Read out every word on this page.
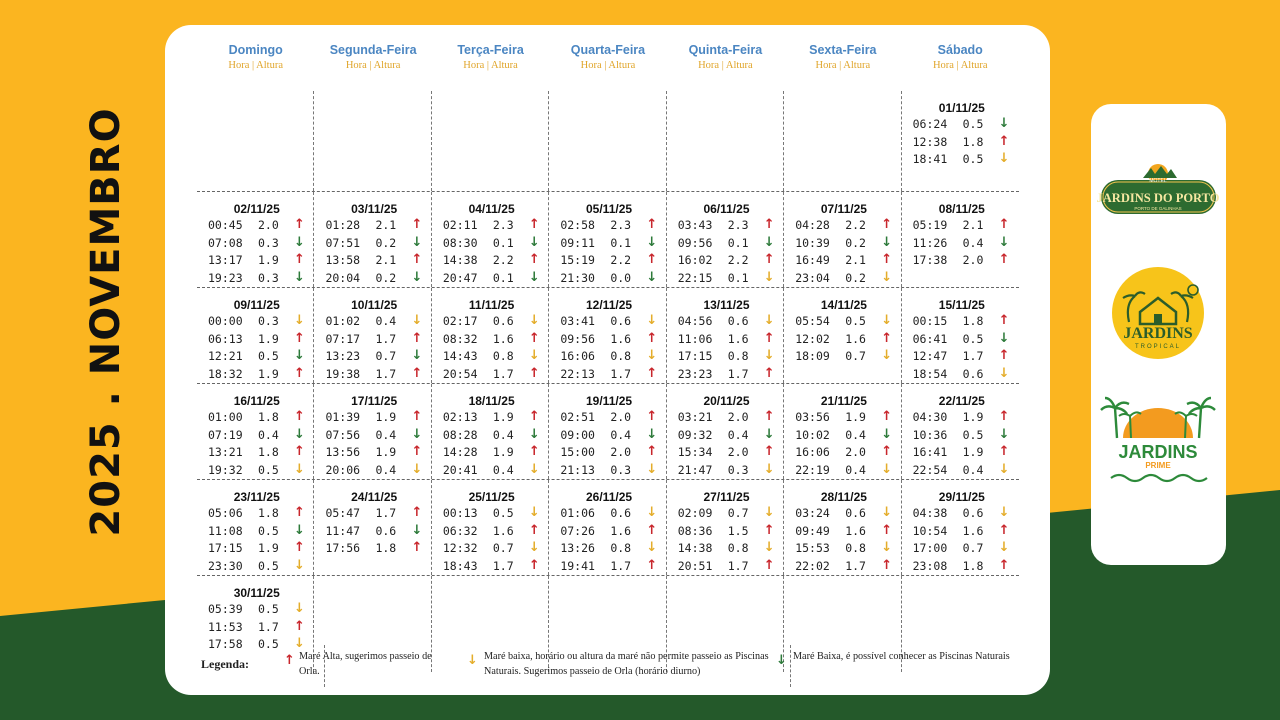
2025 . NOVEMBRO
Domingo
Hora | Altura
Segunda-Feira
Hora | Altura
Terça-Feira
Hora | Altura
Quarta-Feira
Hora | Altura
Quinta-Feira
Hora | Altura
Sexta-Feira
Hora | Altura
Sábado
Hora | Altura
01/11/25
06:24 0.5 ↓
12:38 1.8 ↑
18:41 0.5 ↓
02/11/25
00:45 2.0 ↑
07:08 0.3 ↓
13:17 1.9 ↑
19:23 0.3 ↓
03/11/25
01:28 2.1 ↑
07:51 0.2 ↓
13:58 2.1 ↑
20:04 0.2 ↓
04/11/25
02:11 2.3 ↑
08:30 0.1 ↓
14:38 2.2 ↑
20:47 0.1 ↓
05/11/25
02:58 2.3 ↑
09:11 0.1 ↓
15:19 2.2 ↑
21:30 0.0 ↓
06/11/25
03:43 2.3 ↑
09:56 0.1 ↓
16:02 2.2 ↑
22:15 0.1 ↓
07/11/25
04:28 2.2 ↑
10:39 0.2 ↓
16:49 2.1 ↑
23:04 0.2 ↓
08/11/25
05:19 2.1 ↑
11:26 0.4 ↓
17:38 2.0 ↑
09/11/25
00:00 0.3 ↓
06:13 1.9 ↑
12:21 0.5 ↓
18:32 1.9 ↑
10/11/25
01:02 0.4 ↓
07:17 1.7 ↑
13:23 0.7 ↓
19:38 1.7 ↑
11/11/25
02:17 0.6 ↓
08:32 1.6 ↑
14:43 0.8 ↓
20:54 1.7 ↑
12/11/25
03:41 0.6 ↓
09:56 1.6 ↑
16:06 0.8 ↓
22:13 1.7 ↑
13/11/25
04:56 0.6 ↓
11:06 1.6 ↑
17:15 0.8 ↓
23:23 1.7 ↑
14/11/25
05:54 0.5 ↓
12:02 1.6 ↑
18:09 0.7 ↓
15/11/25
00:15 1.8 ↑
06:41 0.5 ↓
12:47 1.7 ↑
18:54 0.6 ↓
16/11/25
01:00 1.8 ↑
07:19 0.4 ↓
13:21 1.8 ↑
19:32 0.5 ↓
17/11/25
01:39 1.9 ↑
07:56 0.4 ↓
13:56 1.9 ↑
20:06 0.4 ↓
18/11/25
02:13 1.9 ↑
08:28 0.4 ↓
14:28 1.9 ↑
20:41 0.4 ↓
19/11/25
02:51 2.0 ↑
09:00 0.4 ↓
15:00 2.0 ↑
21:13 0.3 ↓
20/11/25
03:21 2.0 ↑
09:32 0.4 ↓
15:34 2.0 ↑
21:47 0.3 ↓
21/11/25
03:56 1.9 ↑
10:02 0.4 ↓
16:06 2.0 ↑
22:19 0.4 ↓
22/11/25
04:30 1.9 ↑
10:36 0.5 ↓
16:41 1.9 ↑
22:54 0.4 ↓
23/11/25
05:06 1.8 ↑
11:08 0.5 ↓
17:15 1.9 ↑
23:30 0.5 ↓
24/11/25
05:47 1.7 ↑
11:47 0.6 ↓
17:56 1.8 ↑
25/11/25
00:13 0.5 ↓
06:32 1.6 ↑
12:32 0.7 ↓
18:43 1.7 ↑
26/11/25
01:06 0.6 ↓
07:26 1.6 ↑
13:26 0.8 ↓
19:41 1.7 ↑
27/11/25
02:09 0.7 ↓
08:36 1.5 ↑
14:38 0.8 ↓
20:51 1.7 ↑
28/11/25
03:24 0.6 ↓
09:49 1.6 ↑
15:53 0.8 ↓
22:02 1.7 ↑
29/11/25
04:38 0.6 ↓
10:54 1.6 ↑
17:00 0.7 ↓
23:08 1.8 ↑
30/11/25
05:39 0.5 ↓
11:53 1.7 ↑
17:58 0.5 ↓
Legenda:	↑ Maré Alta, sugerimos passeio de Orla.
↓ Maré baixa, horário ou altura da maré não permite passeio as Piscinas Naturais. Sugerimos passeio de Orla (horário diurno)
↓ Maré Baixa, é possível conhecer as Piscinas Naturais
MOTEL
JARDINS DO PORTO
PORTO DE GALINHAS
JARDINS
TROPICAL
JARDINS
PRIME
